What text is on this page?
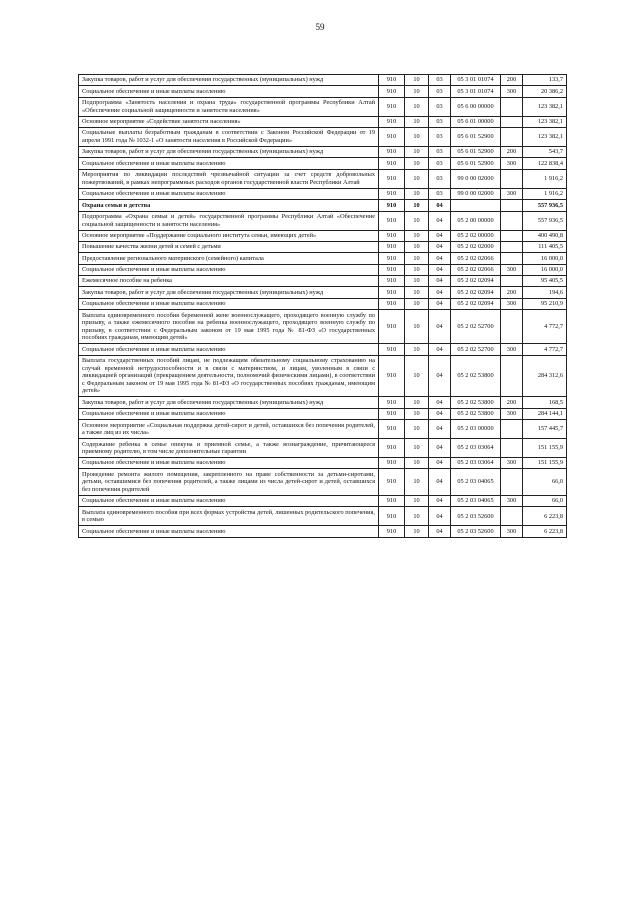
59
Закупка товаров, работ и услуг для обеспечения государственных (муниципальных) нужд	910	10	03	05 3 01 01074	200	133,7
Социальное обеспечение и иные выплаты населению	910	10	03	05 3 01 01074	300	20 386,2
Подпрограмма «Занятость населения и охрана труда» государственной программы Республики Алтай «Обеспечение социальной защищенности и занятости населения»	910	10	03	05 6 00 00000		123 382,1
Основное мероприятие «Содействие занятости населения»	910	10	03	05 6 01 00000		123 382,1
Социальные выплаты безработным гражданам в соответствии с Законом Российской Федерации от 19 апреля 1991 года № 1032-1 «О занятости населения в Российской Федерации»	910	10	03	05 6 01 52900		123 382,1
Закупка товаров, работ и услуг для обеспечения государственных (муниципальных) нужд	910	10	03	05 6 01 52900	200	543,7
Социальное обеспечение и иные выплаты населению	910	10	03	05 6 01 52900	300	122 838,4
Мероприятия по ликвидации последствий чрезвычайной ситуации за счет средств добровольных пожертвований, в рамках непрограммных расходов органов государственной власти Республики Алтай	910	10	03	99 0 00 02000		1 916,2
Социальное обеспечение и иные выплаты населению	910	10	03	99 0 00 02000	300	1 916,2
Охрана семьи и детства	910	10	04			557 936,5
Подпрограмма «Охрана семьи и детей» государственной программы Республики Алтай «Обеспечение социальной защищенности и занятости населения»	910	10	04	05 2 00 00000		557 936,5
Основное мероприятие «Поддержание социального института семьи, имеющих детей»	910	10	04	05 2 02 00000		400 490,8
Повышение качества жизни детей и семей с детьми	910	10	04	05 2 02 02000		111 405,5
Предоставление регионального материнского (семейного) капитала	910	10	04	05 2 02 02066		16 000,0
Социальное обеспечение и иные выплаты населению	910	10	04	05 2 02 02066	300	16 000,0
Ежемесячное пособие на ребенка	910	10	04	05 2 02 02094		95 405,5
Закупка товаров, работ и услуг для обеспечения государственных (муниципальных) нужд	910	10	04	05 2 02 02094	200	194,6
Социальное обеспечение и иные выплаты населению	910	10	04	05 2 02 02094	300	95 210,9
Выплата единовременного пособия беременной жене военнослужащего, проходящего военную службу по призыву, а также ежемесячного пособия на ребенка военнослужащего, проходящего военную службу по призыву, в соответствии с Федеральным законом от 19 мая 1995 года № 81-ФЗ «О государственных пособиях гражданам, имеющим детей»	910	10	04	05 2 02 52700		4 772,7
Социальное обеспечение и иные выплаты населению	910	10	04	05 2 02 52700	300	4 772,7
Выплата государственных пособий лицам, не подлежащим обязательному социальному страхованию на случай временной нетрудоспособности и в связи с материнством, и лицам, уволенным в связи с ликвидацией организаций (прекращением деятельности, полномочий физическими лицами), в соответствии с Федеральным законом от 19 мая 1995 года № 81-ФЗ «О государственных пособиях гражданам, имеющим детей»	910	10	04	05 2 02 53800		284 312,6
Закупка товаров, работ и услуг для обеспечения государственных (муниципальных) нужд	910	10	04	05 2 02 53800	200	168,5
Социальное обеспечение и иные выплаты населению	910	10	04	05 2 02 53800	300	284 144,1
Основное мероприятие «Социальная поддержка детей-сирот и детей, оставшихся без попечения родителей, а также лиц из их числа»	910	10	04	05 2 03 00000		157 445,7
Содержание ребенка в семье опекуна и приемной семье, а также вознаграждение, причитающееся приемному родителю, в том числе дополнительные гарантии	910	10	04	05 2 03 03064		151 155,9
Социальное обеспечение и иные выплаты населению	910	10	04	05 2 03 03064	300	151 155,9
Проведение ремонта жилого помещения, закрепленного на праве собственности за детьми-сиротами, детьми, оставшимися без попечения родителей, а также лицами из числа детей-сирот и детей, оставшихся без попечения родителей	910	10	04	05 2 03 04065		66,0
Социальное обеспечение и иные выплаты населению	910	10	04	05 2 03 04065	300	66,0
Выплата единовременного пособия при всех формах устройства детей, лишенных родительского попечения, в семью	910	10	04	05 2 03 52600		6 223,8
Социальное обеспечение и иные выплаты населению	910	10	04	05 2 03 52600	300	6 223,8
